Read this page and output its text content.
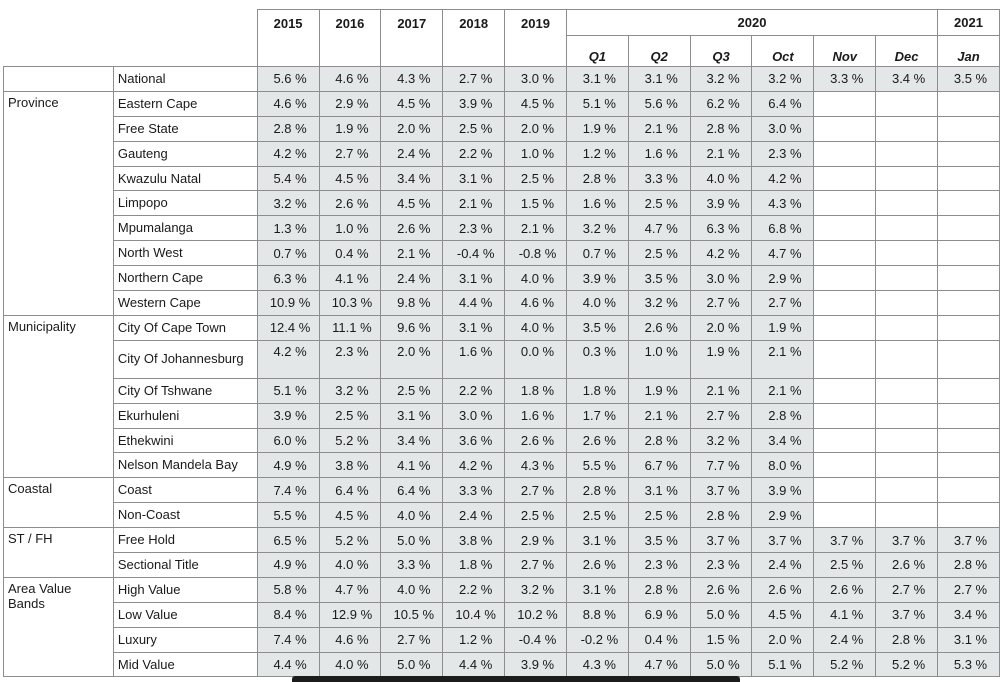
		2015	2016	2017	2018	2019	2020						2021
							Q1	Q2	Q3	Oct	Nov	Dec	Jan
	National	5.6 %	4.6 %	4.3 %	2.7 %	3.0 %	3.1 %	3.1 %	3.2 %	3.2 %	3.3 %	3.4 %	3.5 %
Province	Eastern Cape	4.6 %	2.9 %	4.5 %	3.9 %	4.5 %	5.1 %	5.6 %	6.2 %	6.4 %			
	Free State	2.8 %	1.9 %	2.0 %	2.5 %	2.0 %	1.9 %	2.1 %	2.8 %	3.0 %			
	Gauteng	4.2 %	2.7 %	2.4 %	2.2 %	1.0 %	1.2 %	1.6 %	2.1 %	2.3 %			
	Kwazulu Natal	5.4 %	4.5 %	3.4 %	3.1 %	2.5 %	2.8 %	3.3 %	4.0 %	4.2 %			
	Limpopo	3.2 %	2.6 %	4.5 %	2.1 %	1.5 %	1.6 %	2.5 %	3.9 %	4.3 %			
	Mpumalanga	1.3 %	1.0 %	2.6 %	2.3 %	2.1 %	3.2 %	4.7 %	6.3 %	6.8 %			
	North West	0.7 %	0.4 %	2.1 %	-0.4 %	-0.8 %	0.7 %	2.5 %	4.2 %	4.7 %			
	Northern Cape	6.3 %	4.1 %	2.4 %	3.1 %	4.0 %	3.9 %	3.5 %	3.0 %	2.9 %			
	Western Cape	10.9 %	10.3 %	9.8 %	4.4 %	4.6 %	4.0 %	3.2 %	2.7 %	2.7 %			
Municipality	City Of Cape Town	12.4 %	11.1 %	9.6 %	3.1 %	4.0 %	3.5 %	2.6 %	2.0 %	1.9 %			
	City Of Johannesburg	4.2 %	2.3 %	2.0 %	1.6 %	0.0 %	0.3 %	1.0 %	1.9 %	2.1 %			
	City Of Tshwane	5.1 %	3.2 %	2.5 %	2.2 %	1.8 %	1.8 %	1.9 %	2.1 %	2.1 %			
	Ekurhuleni	3.9 %	2.5 %	3.1 %	3.0 %	1.6 %	1.7 %	2.1 %	2.7 %	2.8 %			
	Ethekwini	6.0 %	5.2 %	3.4 %	3.6 %	2.6 %	2.6 %	2.8 %	3.2 %	3.4 %			
	Nelson Mandela Bay	4.9 %	3.8 %	4.1 %	4.2 %	4.3 %	5.5 %	6.7 %	7.7 %	8.0 %			
Coastal	Coast	7.4 %	6.4 %	6.4 %	3.3 %	2.7 %	2.8 %	3.1 %	3.7 %	3.9 %			
	Non-Coast	5.5 %	4.5 %	4.0 %	2.4 %	2.5 %	2.5 %	2.5 %	2.8 %	2.9 %			
ST / FH	Free Hold	6.5 %	5.2 %	5.0 %	3.8 %	2.9 %	3.1 %	3.5 %	3.7 %	3.7 %	3.7 %	3.7 %	3.7 %
	Sectional Title	4.9 %	4.0 %	3.3 %	1.8 %	2.7 %	2.6 %	2.3 %	2.3 %	2.4 %	2.5 %	2.6 %	2.8 %
Area Value Bands	High Value	5.8 %	4.7 %	4.0 %	2.2 %	3.2 %	3.1 %	2.8 %	2.6 %	2.6 %	2.6 %	2.7 %	2.7 %
	Low Value	8.4 %	12.9 %	10.5 %	10.4 %	10.2 %	8.8 %	6.9 %	5.0 %	4.5 %	4.1 %	3.7 %	3.4 %
	Luxury	7.4 %	4.6 %	2.7 %	1.2 %	-0.4 %	-0.2 %	0.4 %	1.5 %	2.0 %	2.4 %	2.8 %	3.1 %
	Mid Value	4.4 %	4.0 %	5.0 %	4.4 %	3.9 %	4.3 %	4.7 %	5.0 %	5.1 %	5.2 %	5.2 %	5.3 %
